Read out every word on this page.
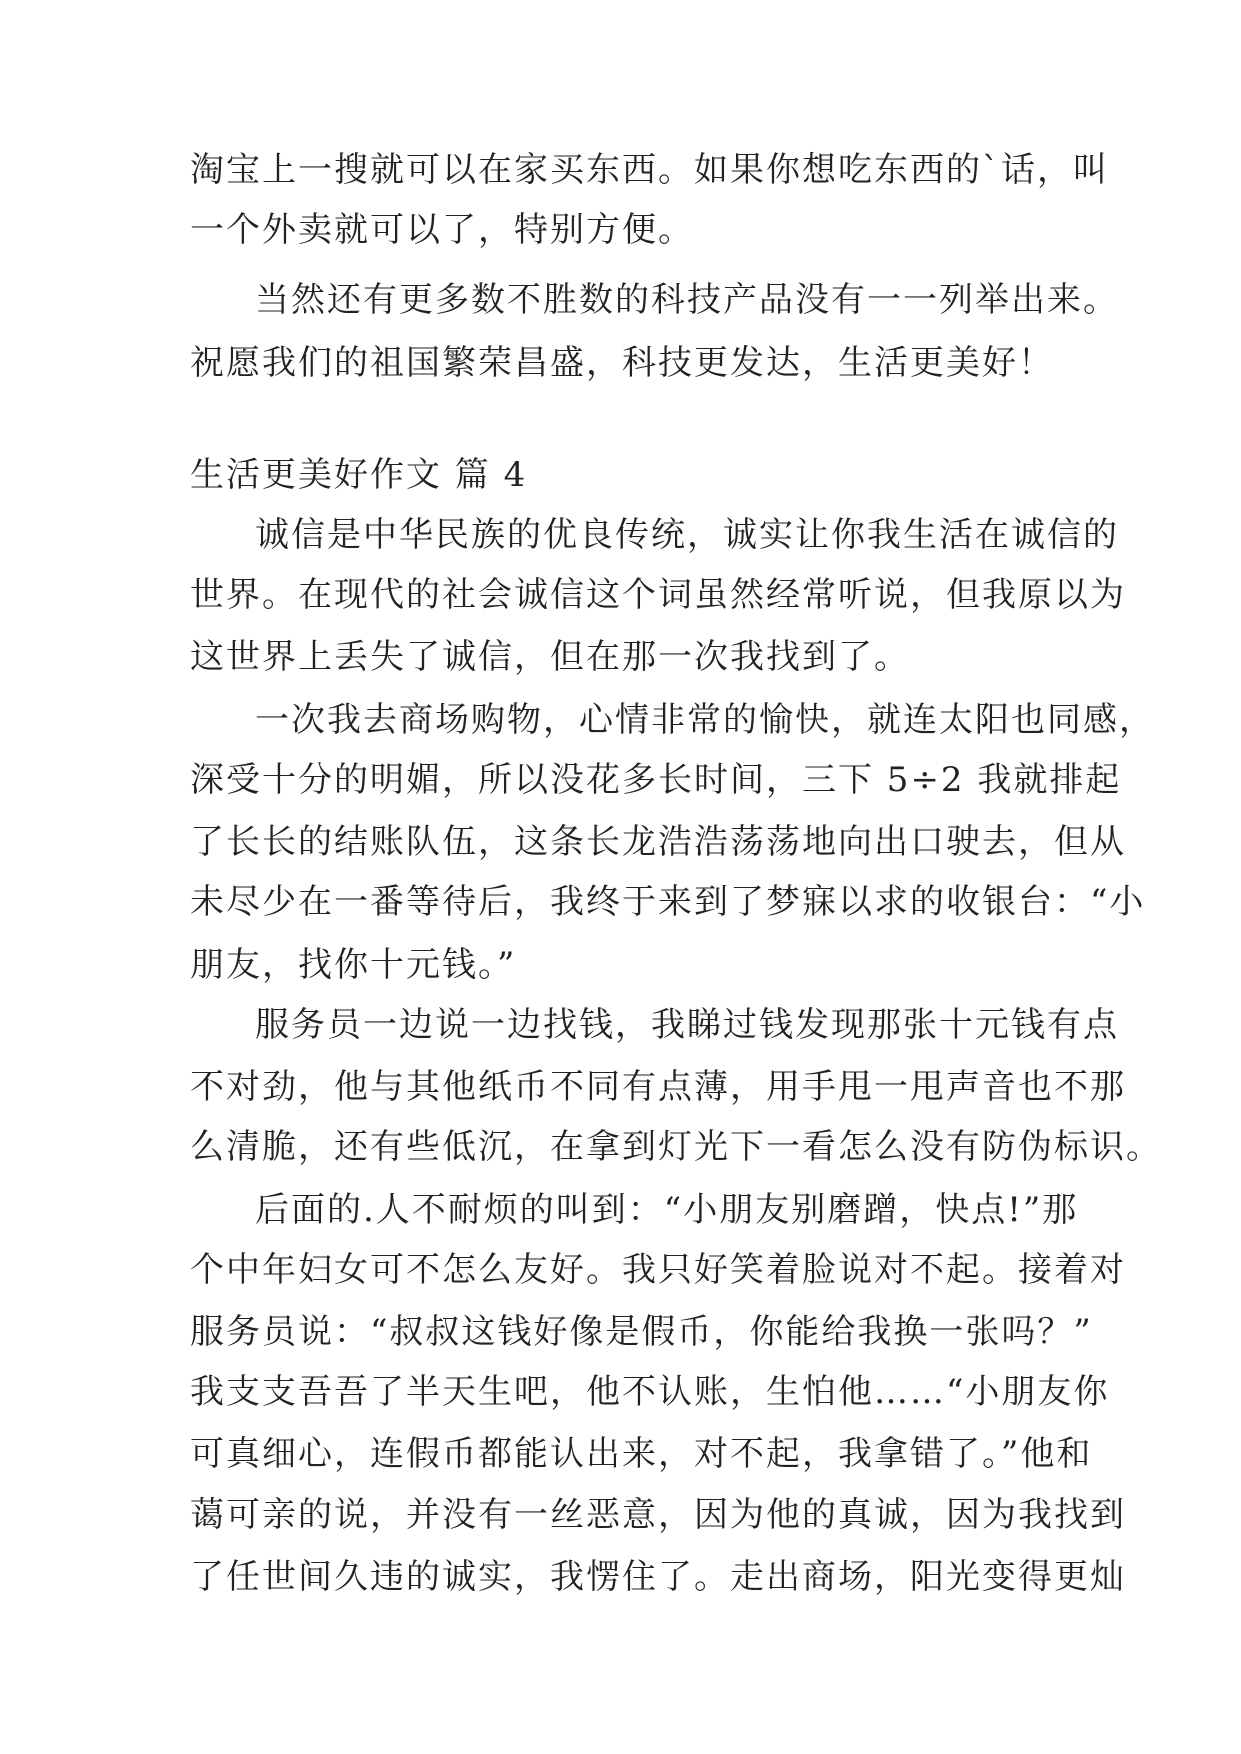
淘宝上一搜就可以在家买东西。如果你想吃东西的`话，叫
一个外卖就可以了，特别方便。
当然还有更多数不胜数的科技产品没有一一列举出来。
祝愿我们的祖国繁荣昌盛，科技更发达，生活更美好！
生活更美好作文 篇 4
诚信是中华民族的优良传统，诚实让你我生活在诚信的
世界。在现代的社会诚信这个词虽然经常听说，但我原以为
这世界上丢失了诚信，但在那一次我找到了。
一次我去商场购物，心情非常的愉快，就连太阳也同感，
深受十分的明媚，所以没花多长时间，三下 5÷2 我就排起
了长长的结账队伍，这条长龙浩浩荡荡地向出口驶去，但从
未尽少在一番等待后，我终于来到了梦寐以求的收银台：“小
朋友，找你十元钱。”
服务员一边说一边找钱，我睇过钱发现那张十元钱有点
不对劲，他与其他纸币不同有点薄，用手甩一甩声音也不那
么清脆，还有些低沉，在拿到灯光下一看怎么没有防伪标识。
后面的.人不耐烦的叫到：“小朋友别磨蹭，快点!”那
个中年妇女可不怎么友好。我只好笑着脸说对不起。接着对
服务员说：“叔叔这钱好像是假币，你能给我换一张吗？”
我支支吾吾了半天生吧，他不认账，生怕他……“小朋友你
可真细心，连假币都能认出来，对不起，我拿错了。”他和
蔼可亲的说，并没有一丝恶意，因为他的真诚，因为我找到
了任世间久违的诚实，我愣住了。走出商场，阳光变得更灿
